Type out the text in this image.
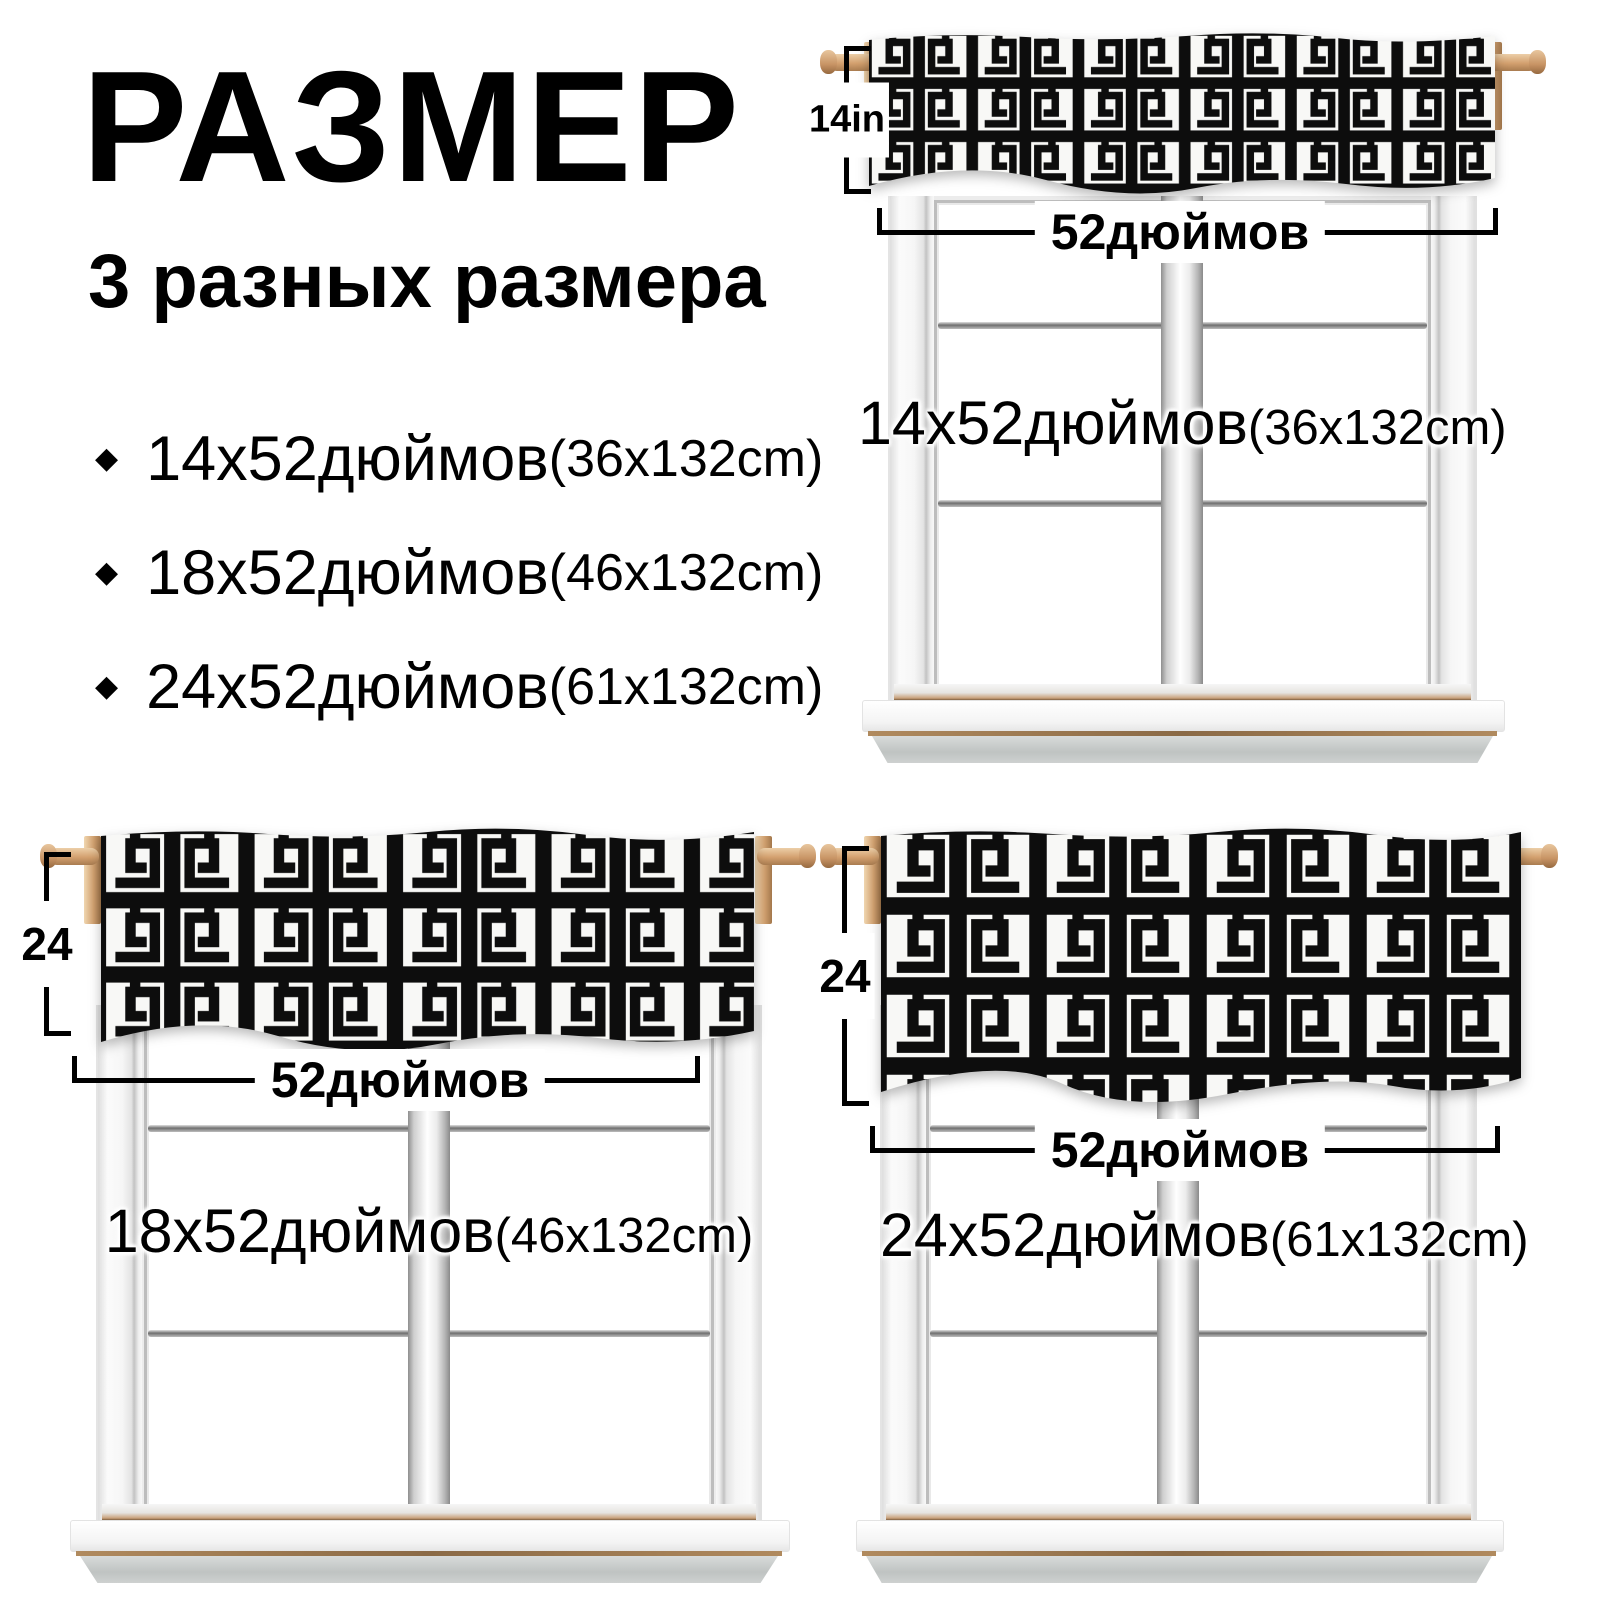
РАЗМЕР
3 разных размера
◆ 14x52дюймов (36x132cm)
◆ 18x52дюймов (46x132cm)
◆ 24x52дюймов (61x132cm)
14in
52дюймов
14x52дюймов(36x132cm)
24
52дюймов
18x52дюймов(46x132cm)
24
52дюймов
24x52дюймов(61x132cm)
